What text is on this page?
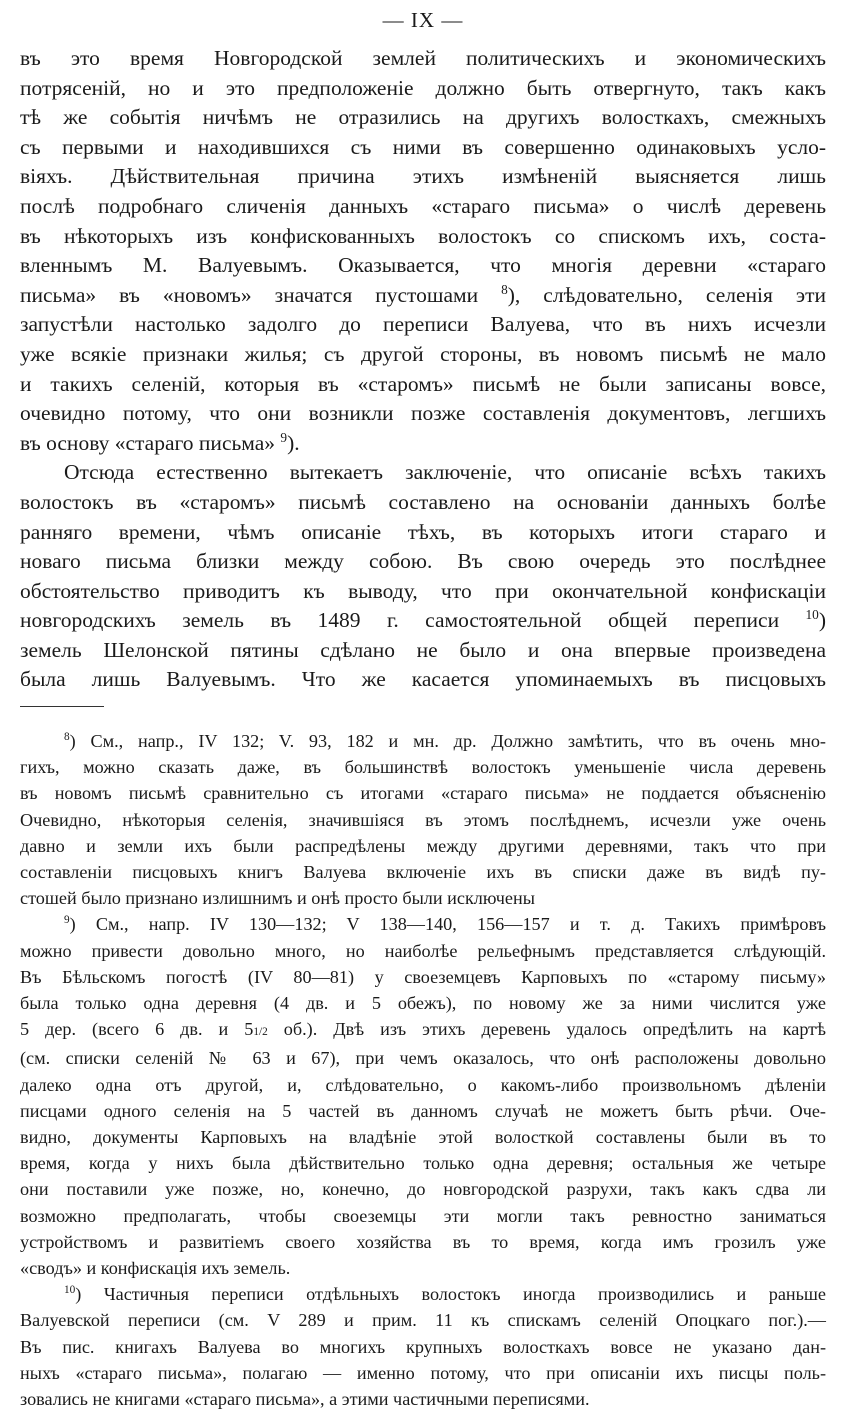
— IX —

въ это время Новгородской землей политическихъ и экономическихъ
потрясеній, но и это предположеніе должно быть отвергнуто, такъ какъ
тѣ же событія ничѣмъ не отразились на другихъ волосткахъ, смежныхъ
съ первыми и находившихся съ ними въ совершенно одинаковыхъ усло-
віяхъ. Дѣйствительная причина этихъ измѣненій выясняется лишь
послѣ подробнаго сличенія данныхъ «стараго письма» о числѣ деревень
въ нѣкоторыхъ изъ конфискованныхъ волостокъ со спискомъ ихъ, соста-
вленнымъ М. Валуевымъ. Оказывается, что многія деревни «стараго
письма» въ «новомъ» значатся пустошами $^8$), слѣдовательно, селенія эти
запустѣли настолько задолго до переписи Валуева, что въ нихъ исчезли
уже всякіе признаки жилья; съ другой стороны, въ новомъ письмѣ не мало
и такихъ селеній, которыя въ «старомъ» письмѣ не были записаны вовсе,
очевидно потому, что они возникли позже составленія документовъ, легшихъ
въ основу «стараго письма» $^9$).

Отсюда естественно вытекаетъ заключеніе, что описаніе всѣхъ такихъ
волостокъ въ «старомъ» письмѣ составлено на основаніи данныхъ болѣе
ранняго времени, чѣмъ описаніе тѣхъ, въ которыхъ итоги стараго и
новаго письма близки между собою. Въ свою очередь это послѣднее
обстоятельство приводитъ къ выводу, что при окончательной конфискаціи
новгородскихъ земель въ 1489 г. самостоятельной общей переписи $^{10}$)
земель Шелонской пятины сдѣлано не было и она впервые произведена
была лишь Валуевымъ. Что же касается упоминаемыхъ въ писцовыхъ

$^8$) См., напр., IV 132; V. 93, 182 и мн. др. Должно замѣтить, что въ очень мно-
гихъ, можно сказать даже, въ большинствѣ волостокъ уменьшеніе числа деревень
въ новомъ письмѣ сравнительно съ итогами «стараго письма» не поддается объясненію
Очевидно, нѣкоторыя селенія, значившіяся въ этомъ послѣднемъ, исчезли уже очень
давно и земли ихъ были распредѣлены между другими деревнями, такъ что при
составленіи писцовыхъ книгъ Валуева включеніе ихъ въ списки даже въ видѣ пу-
стошей было признано излишнимъ и онѣ просто были исключены
$^9$) См., напр. IV 130—132; V 138—140, 156—157 и т. д. Такихъ примѣровъ
можно привести довольно много, но наиболѣе рельефнымъ представляется слѣдующій.
Въ Бѣльскомъ погостѣ (IV 80—81) у своеземцевъ Карповыхъ по «старому письму»
была только одна деревня (4 дв. и 5 обежъ), по новому же за ними числится уже
5 дер. (всего 6 дв. и 51/2 об.). Двѣ изъ этихъ деревень удалось опредѣлить на картѣ
(см. списки селеній № 63 и 67), при чемъ оказалось, что онѣ расположены довольно
далеко одна отъ другой, и, слѣдовательно, о какомъ-либо произвольномъ дѣленіи
писцами одного селенія на 5 частей въ данномъ случаѣ не можетъ быть рѣчи. Оче-
видно, документы Карповыхъ на владѣніе этой волосткой составлены были въ то
время, когда у нихъ была дѣйствительно только одна деревня; остальныя же четыре
они поставили уже позже, но, конечно, до новгородской разрухи, такъ какъ сдва ли
возможно предполагать, чтобы своеземцы эти могли такъ ревностно заниматься
устройствомъ и развитіемъ своего хозяйства въ то время, когда имъ грозилъ уже
«сводъ» и конфискація ихъ земель.
$^{10}$) Частичныя переписи отдѣльныхъ волостокъ иногда производились и раньше
Валуевской переписи (см. V 289 и прим. 11 къ спискамъ селеній Опоцкаго пог.).—
Въ пис. книгахъ Валуева во многихъ крупныхъ волосткахъ вовсе не указано дан-
ныхъ «стараго письма», полагаю — именно потому, что при описаніи ихъ писцы поль-
зовались не книгами «стараго письма», а этими частичными переписями.
